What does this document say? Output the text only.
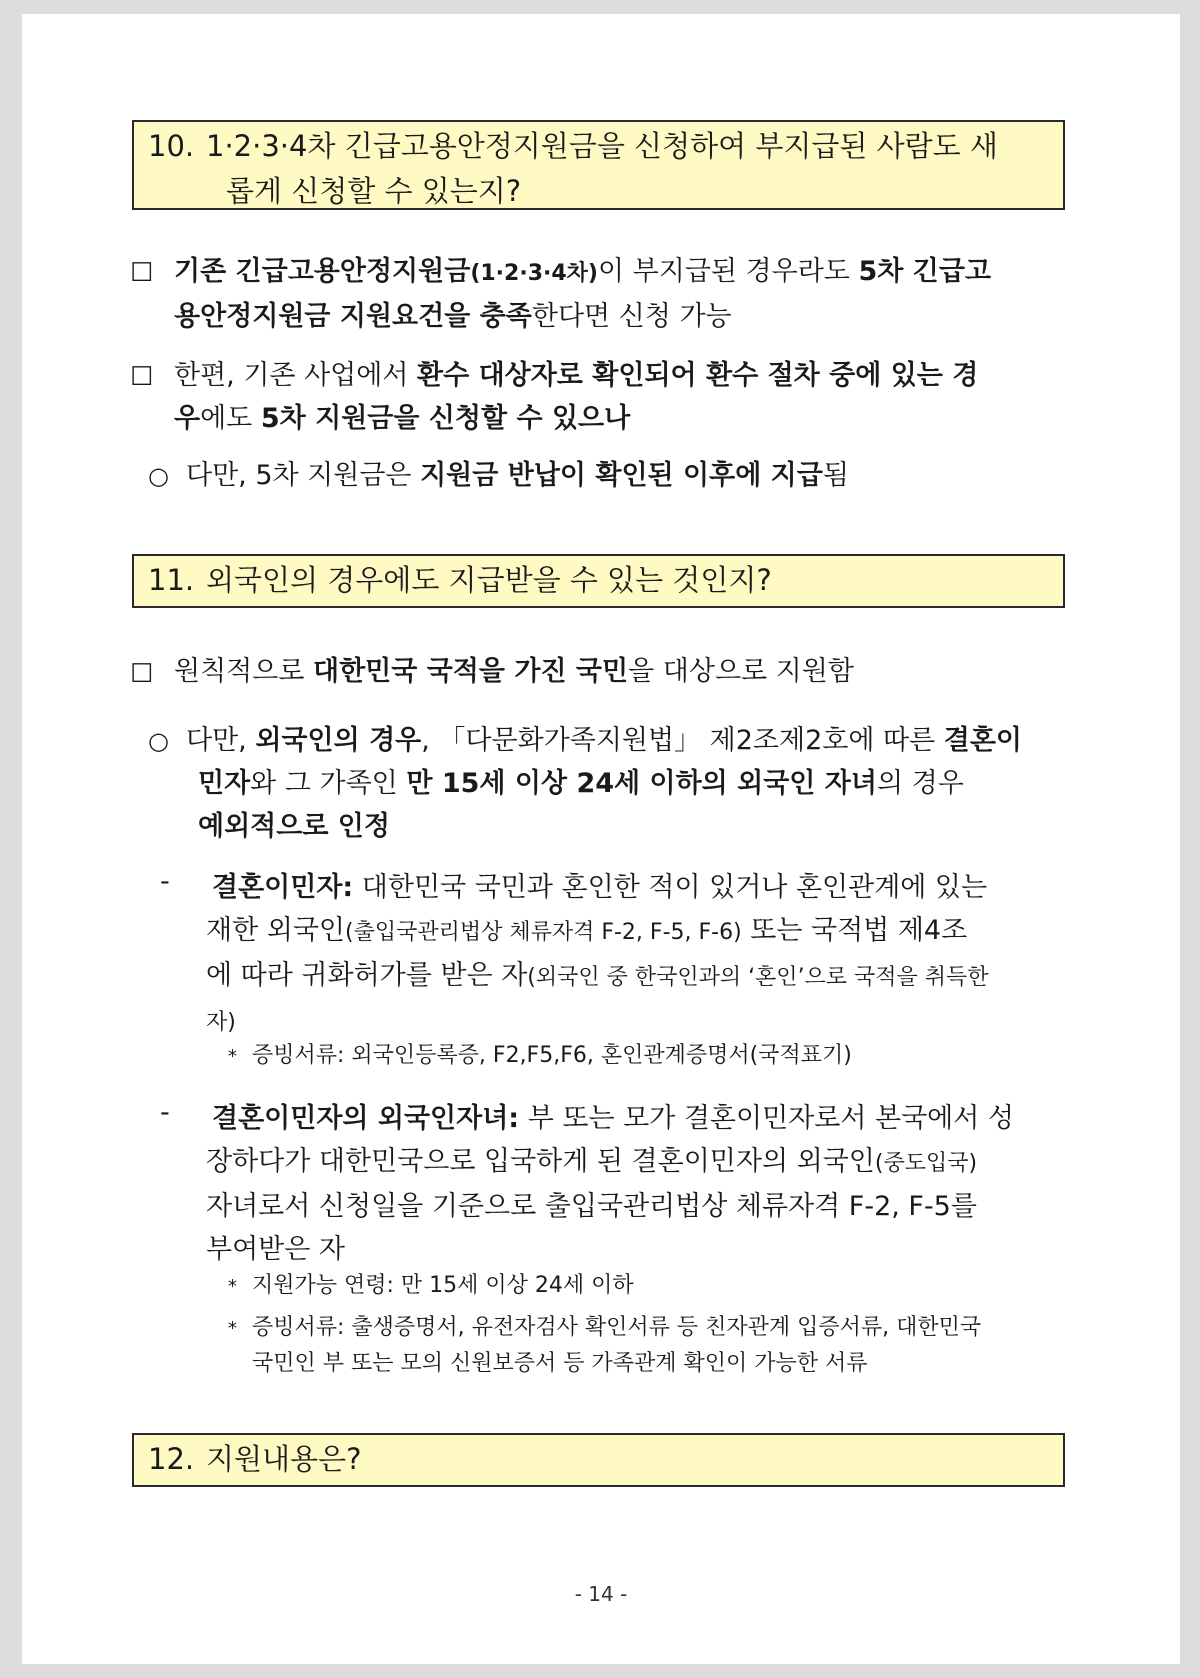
10. 1·2·3·4차 긴급고용안정지원금을 신청하여 부지급된 사람도 새
롭게 신청할 수 있는지?
☐ 기존 긴급고용안정지원금(1·2·3·4차)이 부지급된 경우라도 5차 긴급고
용안정지원금 지원요건을 충족한다면 신청 가능
☐ 한편, 기존 사업에서 환수 대상자로 확인되어 환수 절차 중에 있는 경
우에도 5차 지원금을 신청할 수 있으나
○ 다만, 5차 지원금은 지원금 반납이 확인된 이후에 지급됨
11. 외국인의 경우에도 지급받을 수 있는 것인지?
☐ 원칙적으로 대한민국 국적을 가진 국민을 대상으로 지원함
○ 다만, 외국인의 경우, 「다문화가족지원법」 제2조제2호에 따른 결혼이
민자와 그 가족인 만 15세 이상 24세 이하의 외국인 자녀의 경우
예외적으로 인정
-	결혼이민자: 대한민국 국민과 혼인한 적이 있거나 혼인관계에 있는
재한 외국인(출입국관리법상 체류자격 F-2, F-5, F-6) 또는 국적법 제4조
에 따라 귀화허가를 받은 자(외국인 중 한국인과의 ‘혼인’으로 국적을 취득한
자)
* 증빙서류: 외국인등록증, F2,F5,F6, 혼인관계증명서(국적표기)
-	결혼이민자의 외국인자녀: 부 또는 모가 결혼이민자로서 본국에서 성
장하다가 대한민국으로 입국하게 된 결혼이민자의 외국인(중도입국)
자녀로서 신청일을 기준으로 출입국관리법상 체류자격 F-2, F-5를
부여받은 자
* 지원가능 연령: 만 15세 이상 24세 이하
* 증빙서류: 출생증명서, 유전자검사 확인서류 등 친자관계 입증서류, 대한민국
국민인 부 또는 모의 신원보증서 등 가족관계 확인이 가능한 서류
12. 지원내용은?
- 14 -
